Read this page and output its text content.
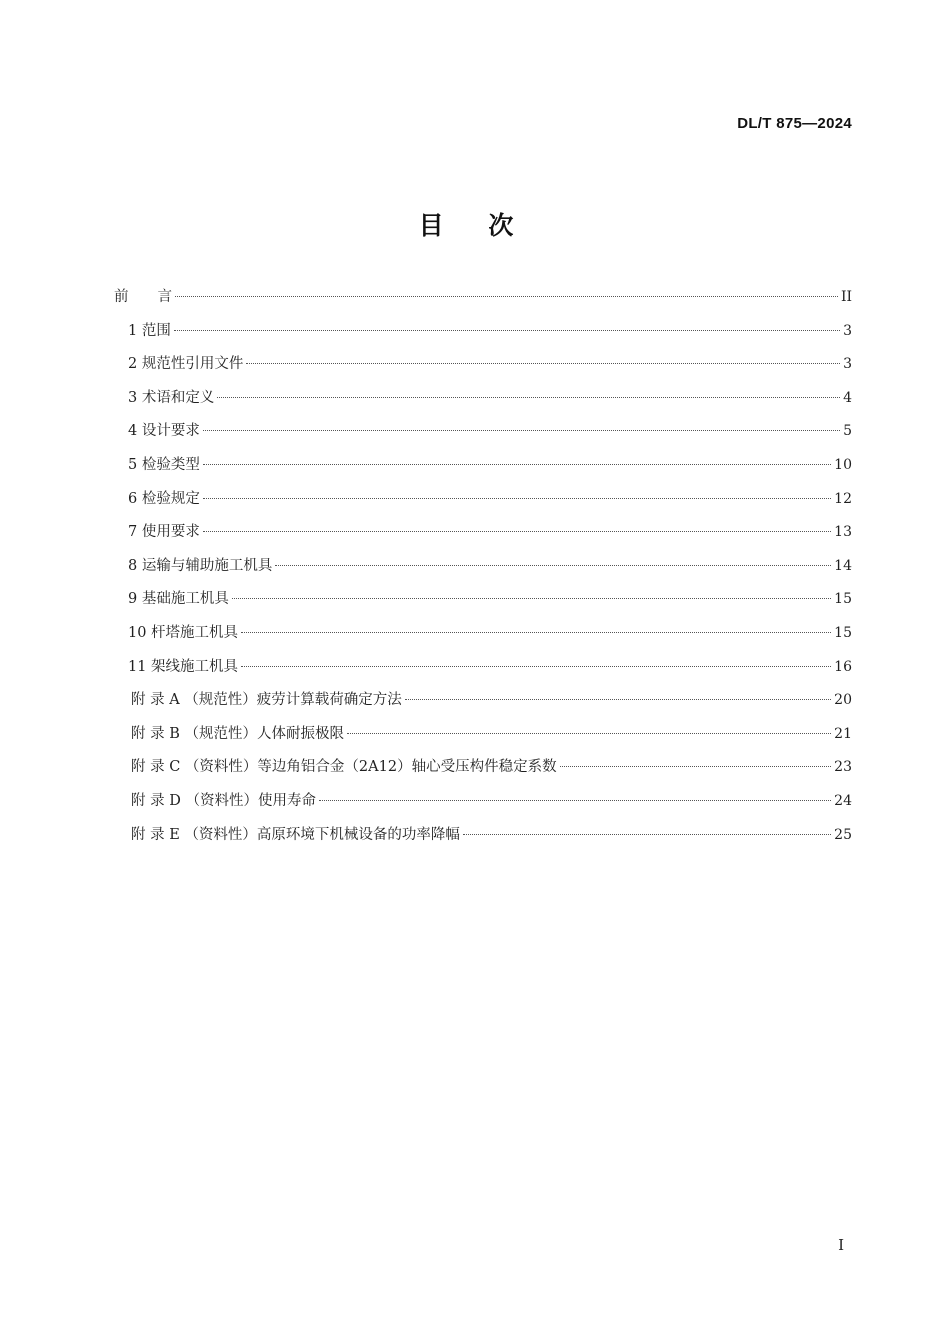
DL/T 875—2024
目 次
前　　言	II
1 范围	3
2 规范性引用文件	3
3 术语和定义	4
4 设计要求	5
5 检验类型	10
6 检验规定	12
7 使用要求	13
8 运输与辅助施工机具	14
9 基础施工机具	15
10 杆塔施工机具	15
11 架线施工机具	16
附 录 A （规范性）疲劳计算载荷确定方法	20
附 录 B （规范性）人体耐振极限	21
附 录 C （资料性）等边角铝合金（2A12）轴心受压构件稳定系数	23
附 录 D （资料性）使用寿命	24
附 录 E （资料性）高原环境下机械设备的功率降幅	25
I
